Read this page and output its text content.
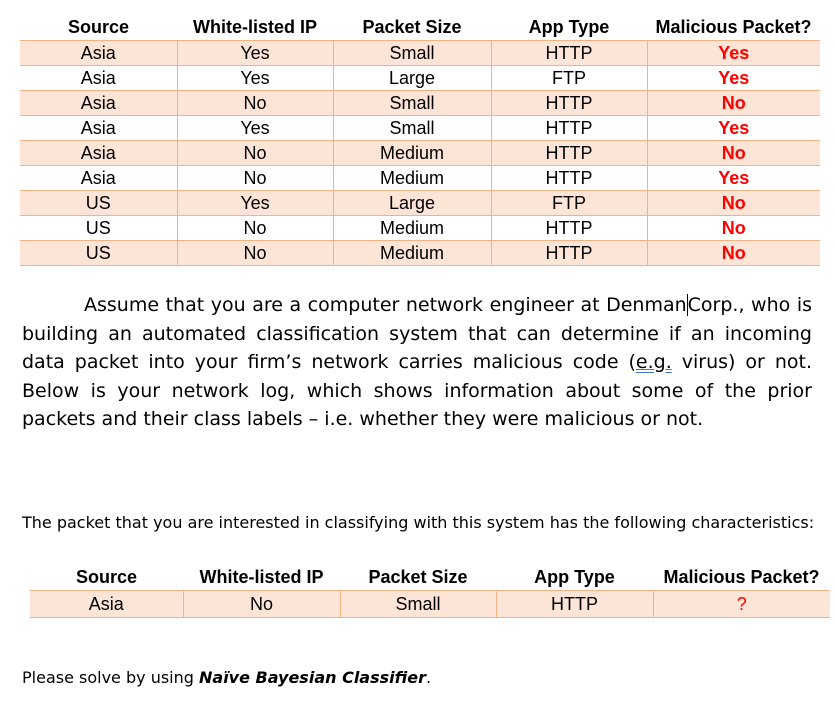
Source	White-listed IP	Packet Size	App Type	Malicious Packet?
Asia	Yes	Small	HTTP	Yes
Asia	Yes	Large	FTP	Yes
Asia	No	Small	HTTP	No
Asia	Yes	Small	HTTP	Yes
Asia	No	Medium	HTTP	No
Asia	No	Medium	HTTP	Yes
US	Yes	Large	FTP	No
US	No	Medium	HTTP	No
US	No	Medium	HTTP	No

Assume that you are a computer network engineer at DenmanCorp., who is building an automated classification system that can determine if an incoming data packet into your firm’s network carries malicious code (e.g. virus) or not. Below is your network log, which shows information about some of the prior packets and their class labels – i.e. whether they were malicious or not.

The packet that you are interested in classifying with this system has the following characteristics:
Source	White-listed IP	Packet Size	App Type	Malicious Packet?
Asia	No	Small	HTTP	?
Please solve by using Naïve Bayesian Classifier.
